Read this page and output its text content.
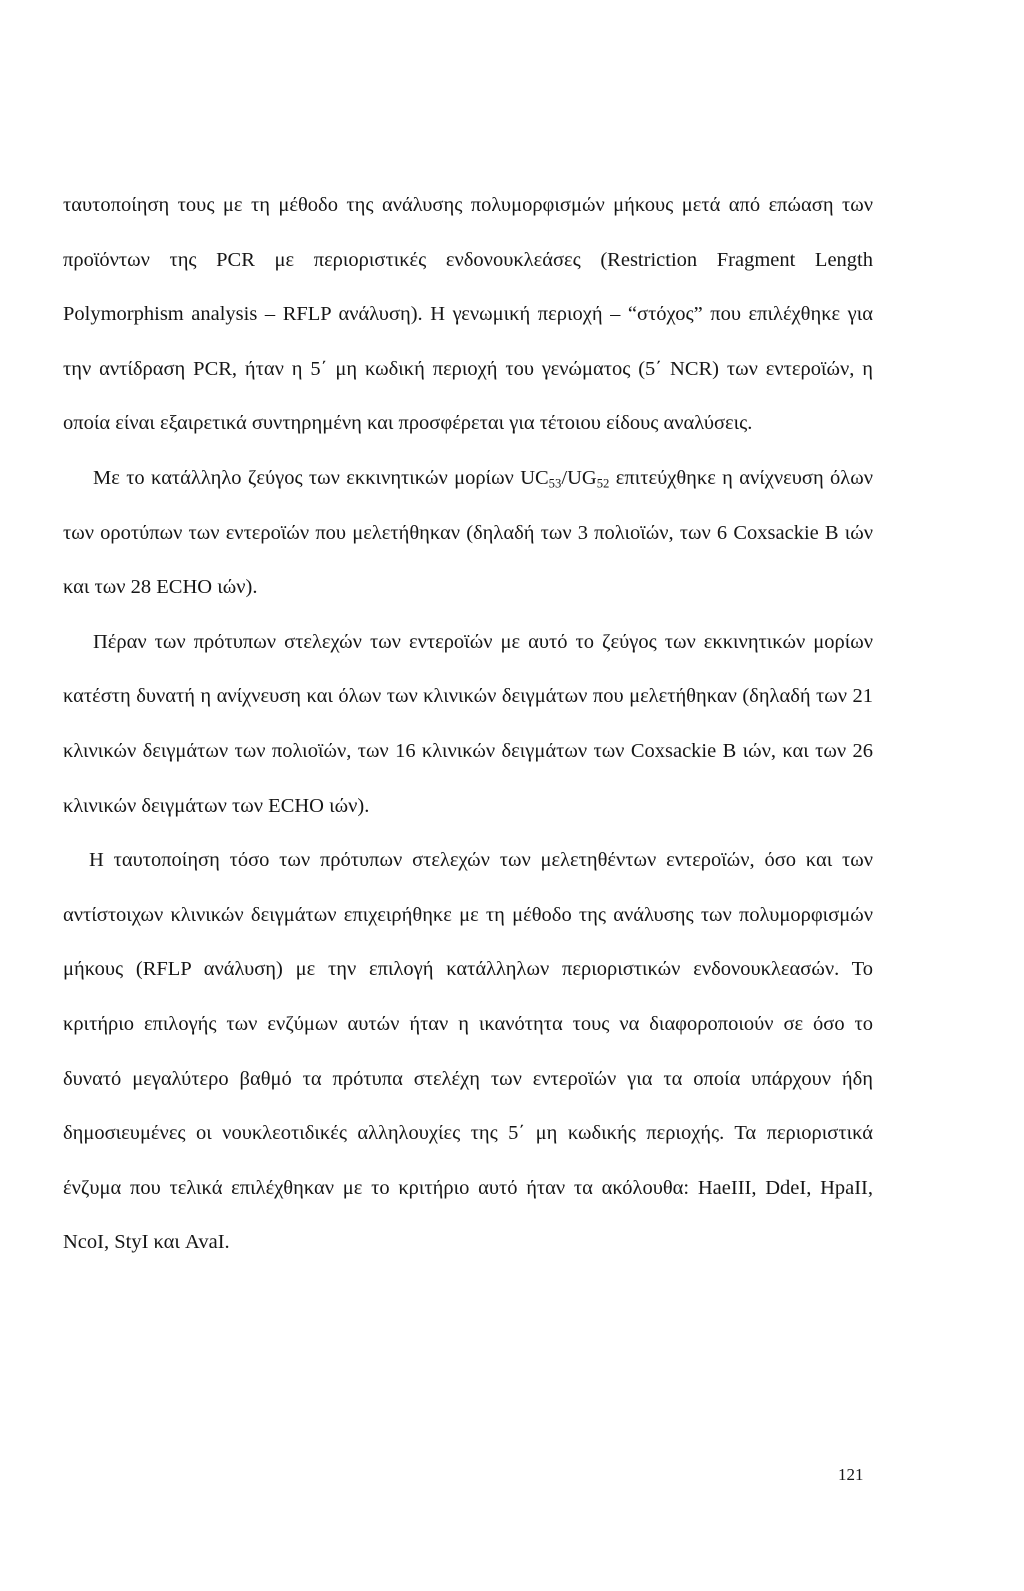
ταυτοποίηση τους με τη μέθοδο της ανάλυσης πολυμορφισμών μήκους μετά από επώαση των προϊόντων της PCR με περιοριστικές ενδονουκλεάσες (Restriction Fragment Length Polymorphism analysis – RFLP ανάλυση). Η γενωμική περιοχή – “στόχος” που επιλέχθηκε για την αντίδραση PCR, ήταν η 5΄ μη κωδική περιοχή του γενώματος (5΄ NCR) των εντεροϊών, η οποία είναι εξαιρετικά συντηρημένη και προσφέρεται για τέτοιου είδους αναλύσεις.

Με το κατάλληλο ζεύγος των εκκινητικών μορίων $UC_{53}/UG_{52}$ επιτεύχθηκε η ανίχνευση όλων των οροτύπων των εντεροϊών που μελετήθηκαν (δηλαδή των 3 πολιοϊών, των 6 Coxsackie B ιών και των 28 ECHO ιών).

Πέραν των πρότυπων στελεχών των εντεροϊών με αυτό το ζεύγος των εκκινητικών μορίων κατέστη δυνατή η ανίχνευση και όλων των κλινικών δειγμάτων που μελετήθηκαν (δηλαδή των 21 κλινικών δειγμάτων των πολιοϊών, των 16 κλινικών δειγμάτων των Coxsackie B ιών, και των 26 κλινικών δειγμάτων των ECHO ιών).

Η ταυτοποίηση τόσο των πρότυπων στελεχών των μελετηθέντων εντεροϊών, όσο και των αντίστοιχων κλινικών δειγμάτων επιχειρήθηκε με τη μέθοδο της ανάλυσης των πολυμορφισμών μήκους (RFLP ανάλυση) με την επιλογή κατάλληλων περιοριστικών ενδονουκλεασών. Το κριτήριο επιλογής των ενζύμων αυτών ήταν η ικανότητα τους να διαφοροποιούν σε όσο το δυνατό μεγαλύτερο βαθμό τα πρότυπα στελέχη των εντεροϊών για τα οποία υπάρχουν ήδη δημοσιευμένες οι νουκλεοτιδικές αλληλουχίες της 5΄ μη κωδικής περιοχής. Τα περιοριστικά ένζυμα που τελικά επιλέχθηκαν με το κριτήριο αυτό ήταν τα ακόλουθα: HaeIII, DdeI, HpaII, NcoI, StyI και AvaI.

121
